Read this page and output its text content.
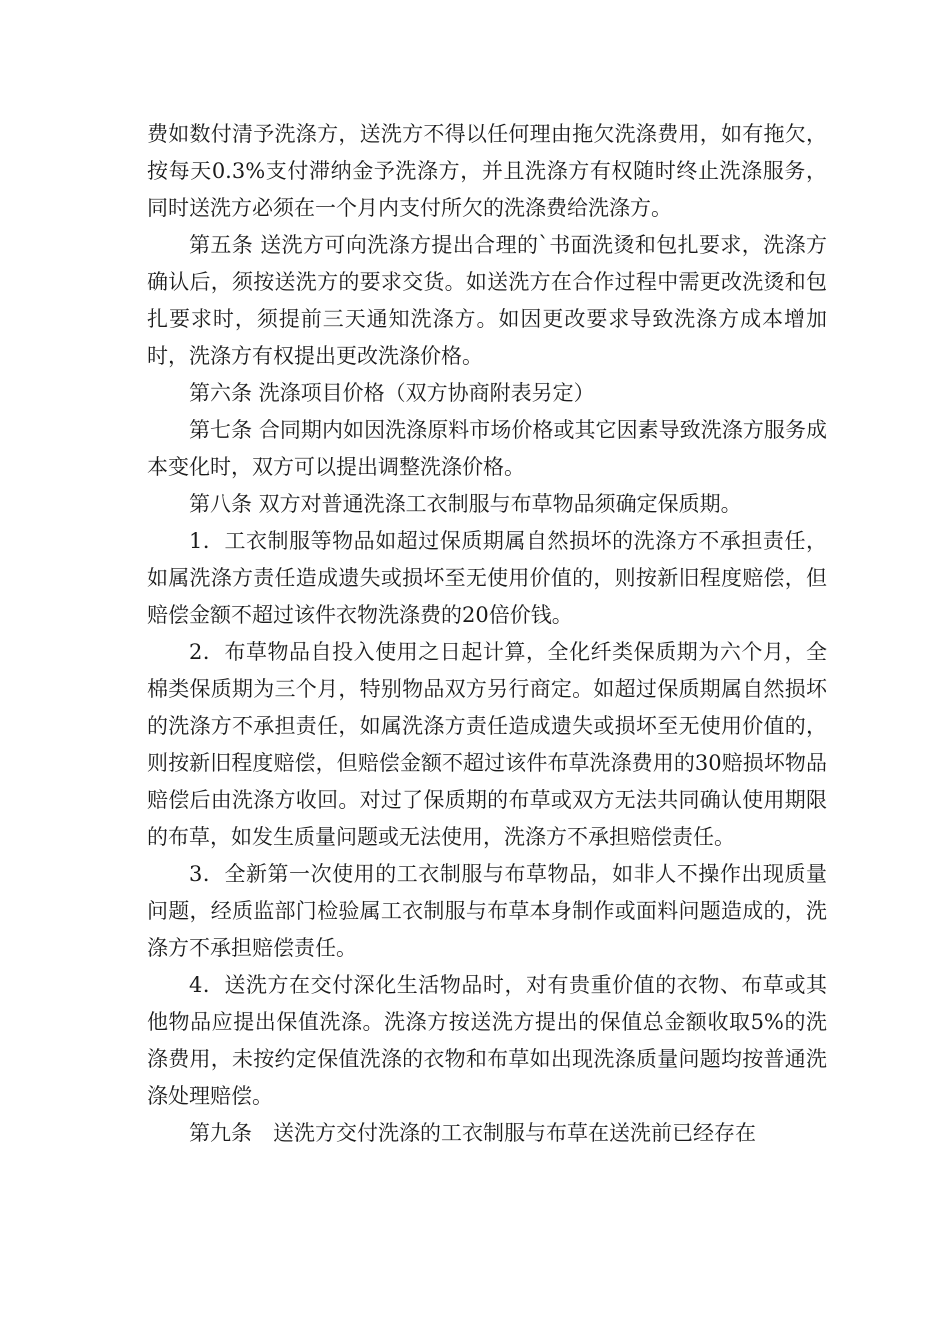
费如数付清予洗涤方，送洗方不得以任何理由拖欠洗涤费用，如有拖欠，按每天0.3%支付滞纳金予洗涤方，并且洗涤方有权随时终止洗涤服务，同时送洗方必须在一个月内支付所欠的洗涤费给洗涤方。

第五条 送洗方可向洗涤方提出合理的`书面洗烫和包扎要求，洗涤方确认后，须按送洗方的要求交货。如送洗方在合作过程中需更改洗烫和包扎要求时，须提前三天通知洗涤方。如因更改要求导致洗涤方成本增加时，洗涤方有权提出更改洗涤价格。

第六条 洗涤项目价格（双方协商附表另定）

第七条 合同期内如因洗涤原料市场价格或其它因素导致洗涤方服务成本变化时，双方可以提出调整洗涤价格。

第八条 双方对普通洗涤工衣制服与布草物品须确定保质期。

1．工衣制服等物品如超过保质期属自然损坏的洗涤方不承担责任，如属洗涤方责任造成遗失或损坏至无使用价值的，则按新旧程度赔偿，但赔偿金额不超过该件衣物洗涤费的20倍价钱。

2．布草物品自投入使用之日起计算，全化纤类保质期为六个月，全棉类保质期为三个月，特别物品双方另行商定。如超过保质期属自然损坏的洗涤方不承担责任，如属洗涤方责任造成遗失或损坏至无使用价值的，则按新旧程度赔偿，但赔偿金额不超过该件布草洗涤费用的30赔损坏物品赔偿后由洗涤方收回。对过了保质期的布草或双方无法共同确认使用期限的布草，如发生质量问题或无法使用，洗涤方不承担赔偿责任。

3．全新第一次使用的工衣制服与布草物品，如非人不操作出现质量问题，经质监部门检验属工衣制服与布草本身制作或面料问题造成的，洗涤方不承担赔偿责任。

4．送洗方在交付深化生活物品时，对有贵重价值的衣物、布草或其他物品应提出保值洗涤。洗涤方按送洗方提出的保值总金额收取5%的洗涤费用，未按约定保值洗涤的衣物和布草如出现洗涤质量问题均按普通洗涤处理赔偿。

第九条　送洗方交付洗涤的工衣制服与布草在送洗前已经存在
